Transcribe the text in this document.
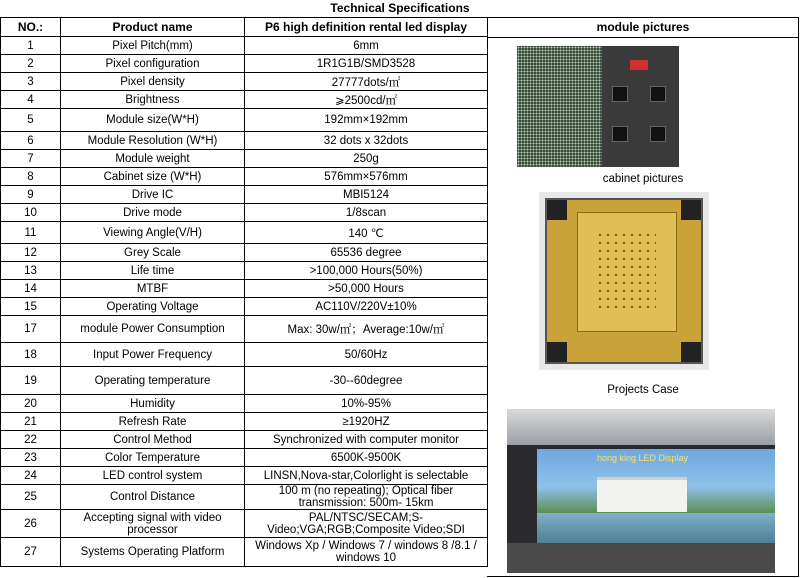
Technical Specifications
NO.:	Product name	P6 high definition rental led display
1	Pixel Pitch(mm)	6mm
2	Pixel configuration	1R1G1B/SMD3528
3	Pixel density	27777dots/㎡
4	Brightness	⩾2500cd/㎡
5	Module size(W*H)	192mm×192mm
6	Module Resolution (W*H)	32 dots x 32dots
7	Module weight	250g
8	Cabinet size (W*H)	576mm×576mm
9	Drive IC	MBI5124
10	Drive mode	1/8scan
11	Viewing Angle(V/H)	140 ℃
12	Grey Scale	65536 degree
13	Life time	>100,000 Hours(50%)
14	MTBF	>50,000 Hours
15	Operating Voltage	AC110V/220V±10%
17	module Power Consumption	Max: 30w/㎡；Average:10w/㎡
18	Input Power Frequency	50/60Hz
19	Operating temperature	-30--60degree
20	Humidity	10%-95%
21	Refresh Rate	≥1920HZ
22	Control Method	Synchronized with computer monitor
23	Color Temperature	6500K-9500K
24	LED control system	LINSN,Nova-star,Colorlight is selectable
25	Control Distance	100 m (no repeating); Optical fiber transmission: 500m- 15km
26	Accepting signal with video processor	PAL/NTSC/SECAM;S-Video;VGA;RGB;Composite Video;SDI
27	Systems Operating Platform	Windows Xp / Windows 7 / windows 8 /8.1 / windows 10
module pictures
cabinet pictures
Projects Case
hong king LED Display
